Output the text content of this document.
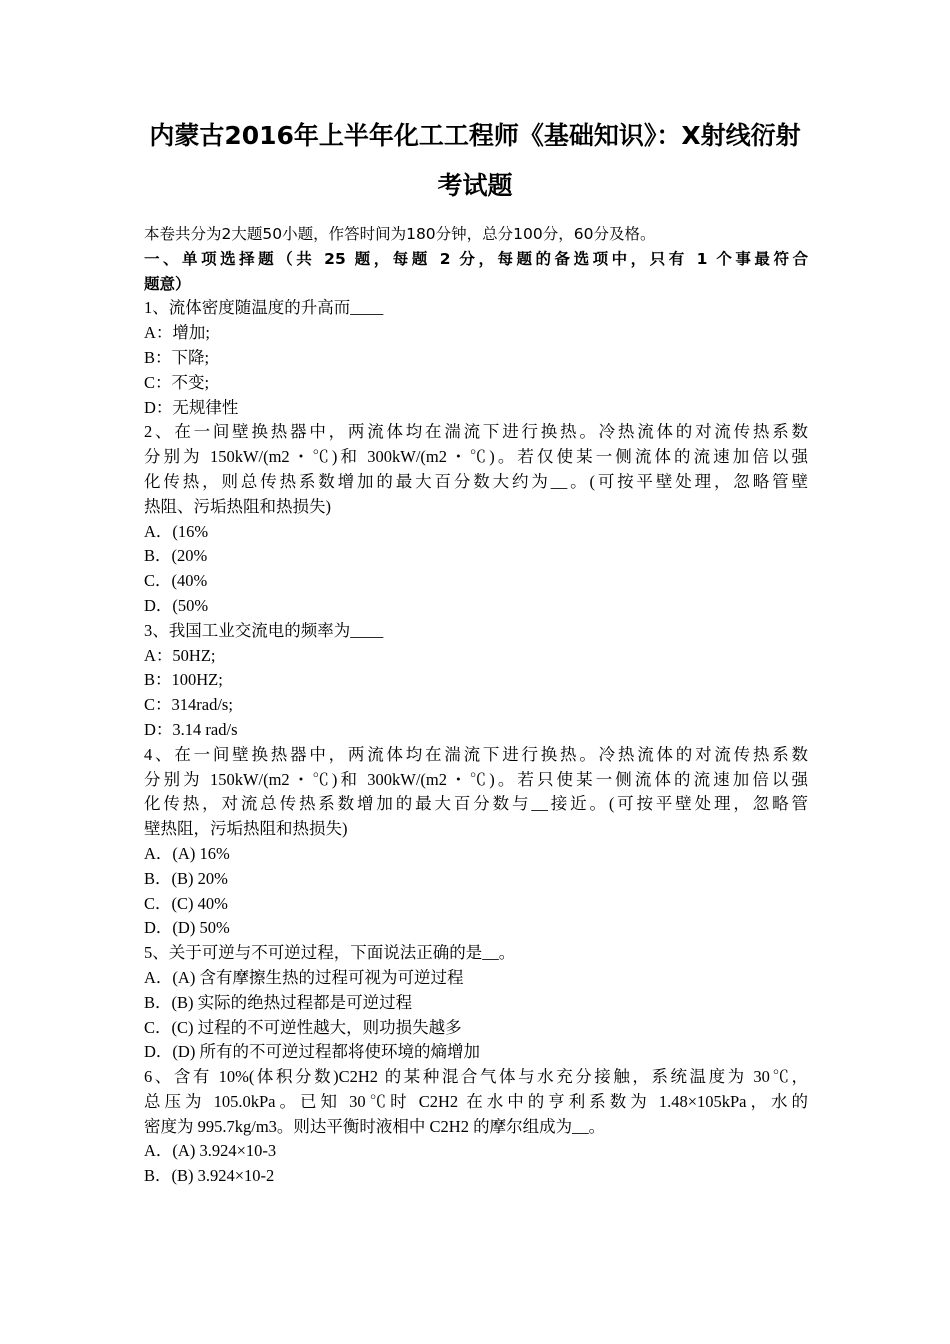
内蒙古2016年上半年化工工程师《基础知识》：X射线衍射
考试题
本卷共分为2大题50小题，作答时间为180分钟，总分100分，60分及格。
一、单项选择题（共 25 题，每题 2 分，每题的备选项中，只有 1 个事最符合
题意）
1、流体密度随温度的升高而____
A：增加;
B：下降;
C：不变;
D：无规律性
2、在一间壁换热器中，两流体均在湍流下进行换热。冷热流体的对流传热系数
分别为 150kW/(m2・℃)和 300kW/(m2・℃)。若仅使某一侧流体的流速加倍以强
化传热，则总传热系数增加的最大百分数大约为__。(可按平壁处理，忽略管壁
热阻、污垢热阻和热损失)
A．(16%
B．(20%
C．(40%
D．(50%
3、我国工业交流电的频率为____
A：50HZ;
B：100HZ;
C：314rad/s;
D：3.14 rad/s
4、在一间壁换热器中，两流体均在湍流下进行换热。冷热流体的对流传热系数
分别为 150kW/(m2・℃)和 300kW/(m2・℃)。若只使某一侧流体的流速加倍以强
化传热，对流总传热系数增加的最大百分数与__接近。(可按平壁处理，忽略管
壁热阻，污垢热阻和热损失)
A．(A) 16%
B．(B) 20%
C．(C) 40%
D．(D) 50%
5、关于可逆与不可逆过程，下面说法正确的是__。
A．(A) 含有摩擦生热的过程可视为可逆过程
B．(B) 实际的绝热过程都是可逆过程
C．(C) 过程的不可逆性越大，则功损失越多
D．(D) 所有的不可逆过程都将使环境的熵增加
6、含有 10%(体积分数)C2H2 的某种混合气体与水充分接触，系统温度为 30℃，
总压为 105.0kPa。已知 30℃时 C2H2 在水中的亨利系数为 1.48×105kPa，水的
密度为 995.7kg/m3。则达平衡时液相中 C2H2 的摩尔组成为__。
A．(A) 3.924×10-3
B．(B) 3.924×10-2
